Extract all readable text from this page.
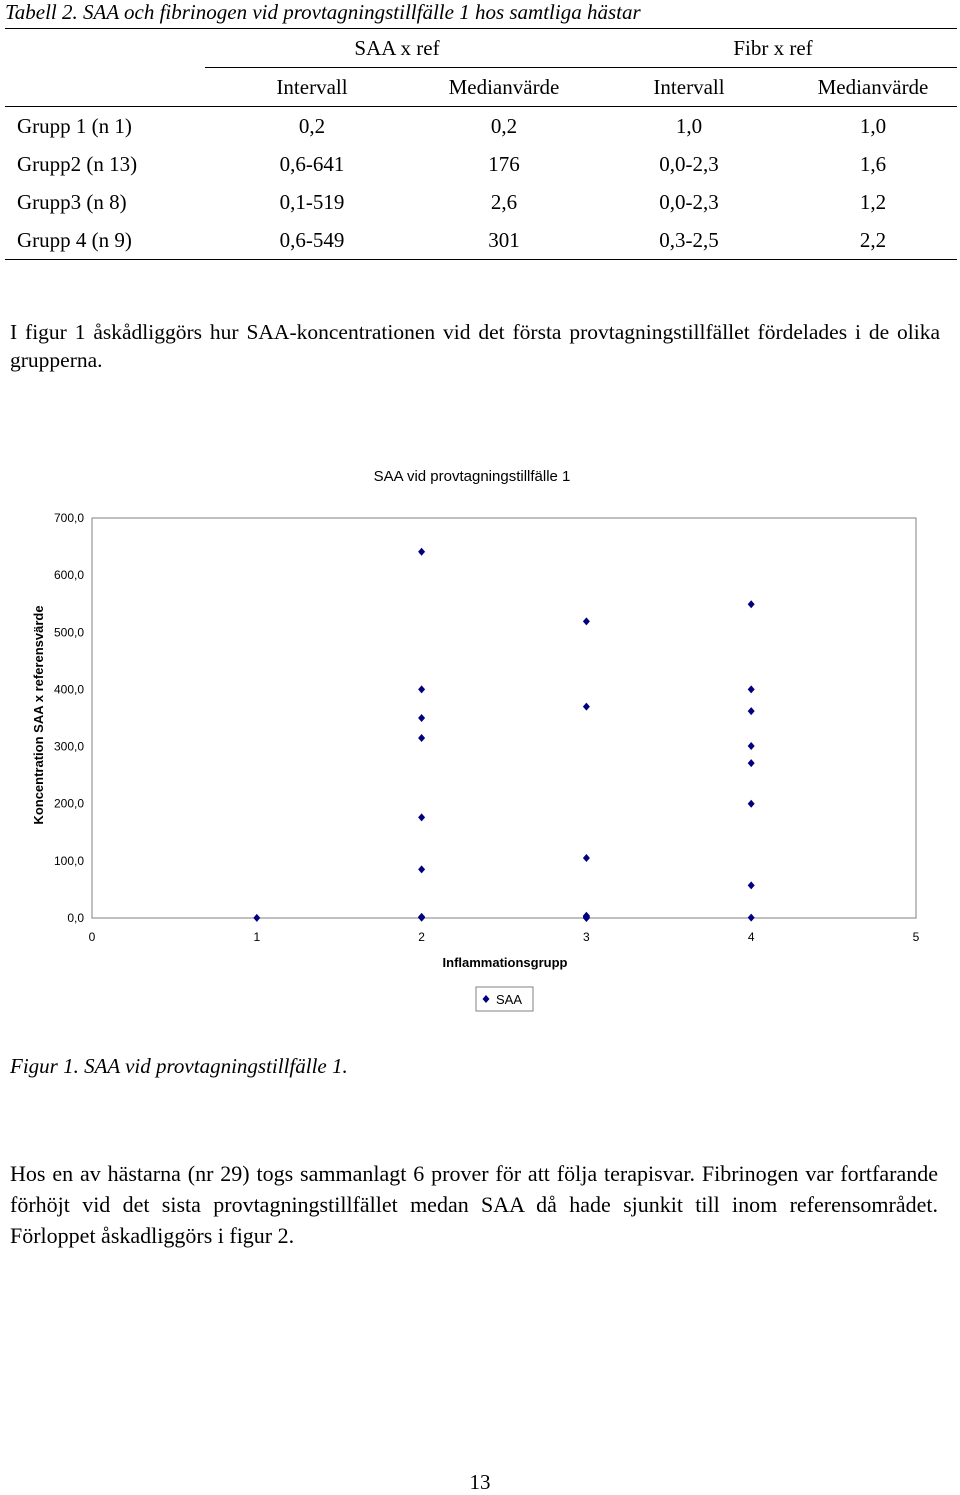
Tabell 2. SAA och fibrinogen vid provtagningstillfälle 1 hos samtliga hästar
	SAA x ref		Fibr x ref	
	Intervall	Medianvärde	Intervall	Medianvärde
Grupp 1 (n 1)	0,2	0,2	1,0	1,0
Grupp2 (n 13)	0,6-641	176	0,0-2,3	1,6
Grupp3 (n 8)	0,1-519	2,6	0,0-2,3	1,2
Grupp 4 (n 9)	0,6-549	301	0,3-2,5	2,2
I figur 1 åskådliggörs hur SAA-koncentrationen vid det första provtagningstillfället fördelades i de olika grupperna.
SAA vid provtagningstillfälle 1
0,0
100,0
200,0
300,0
400,0
500,0
600,0
700,0
0	1	2	3	4	5
Koncentration SAA x referensvärde
Inflammationsgrupp
SAA
Figur 1. SAA vid provtagningstillfälle 1.
Hos en av hästarna (nr 29) togs sammanlagt 6 prover för att följa terapisvar. Fibrinogen var fortfarande förhöjt vid det sista provtagningstillfället medan SAA då hade sjunkit till inom referensområdet. Förloppet åskadliggörs i figur 2.
13
